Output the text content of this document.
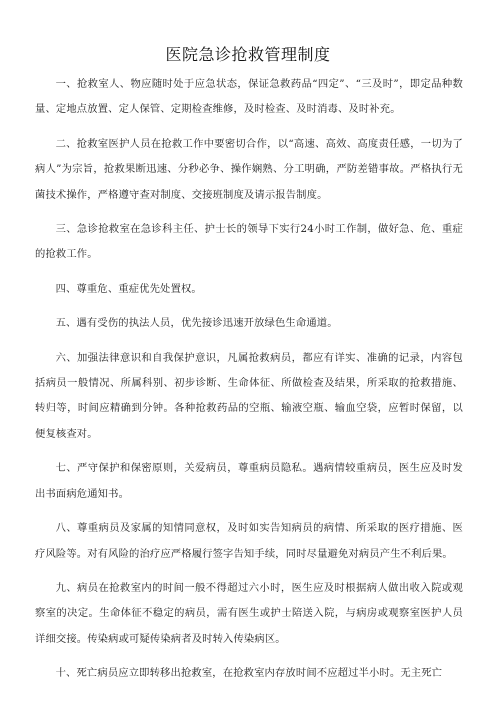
医院急诊抢救管理制度

一、抢救室人、物应随时处于应急状态，保证急救药品“四定”、“三及时”，即定品种数量、定地点放置、定人保管、定期检查维修，及时检查、及时消毒、及时补充。

二、抢救室医护人员在抢救工作中要密切合作，以“高速、高效、高度责任感，一切为了病人”为宗旨，抢救果断迅速、分秒必争、操作娴熟、分工明确，严防差错事故。严格执行无菌技术操作，严格遵守查对制度、交接班制度及请示报告制度。

三、急诊抢救室在急诊科主任、护士长的领导下实行24小时工作制，做好急、危、重症的抢救工作。

四、尊重危、重症优先处置权。

五、遇有受伤的执法人员，优先接诊迅速开放绿色生命通道。

六、加强法律意识和自我保护意识，凡属抢救病员，都应有详实、准确的记录，内容包括病员一般情况、所属科别、初步诊断、生命体征、所做检查及结果，所采取的抢救措施、转归等，时间应精确到分钟。各种抢救药品的空瓶、输液空瓶、输血空袋，应暂时保留，以便复核查对。

七、严守保护和保密原则，关爱病员，尊重病员隐私。遇病情较重病员，医生应及时发出书面病危通知书。

八、尊重病员及家属的知情同意权，及时如实告知病员的病情、所采取的医疗措施、医疗风险等。对有风险的治疗应严格履行签字告知手续，同时尽量避免对病员产生不利后果。

九、病员在抢救室内的时间一般不得超过六小时，医生应及时根据病人做出收入院或观察室的决定。生命体征不稳定的病员，需有医生或护士陪送入院，与病房或观察室医护人员详细交接。传染病或可疑传染病者及时转入传染病区。

十、死亡病员应立即转移出抢救室，在抢救室内存放时间不应超过半小时。无主死亡
